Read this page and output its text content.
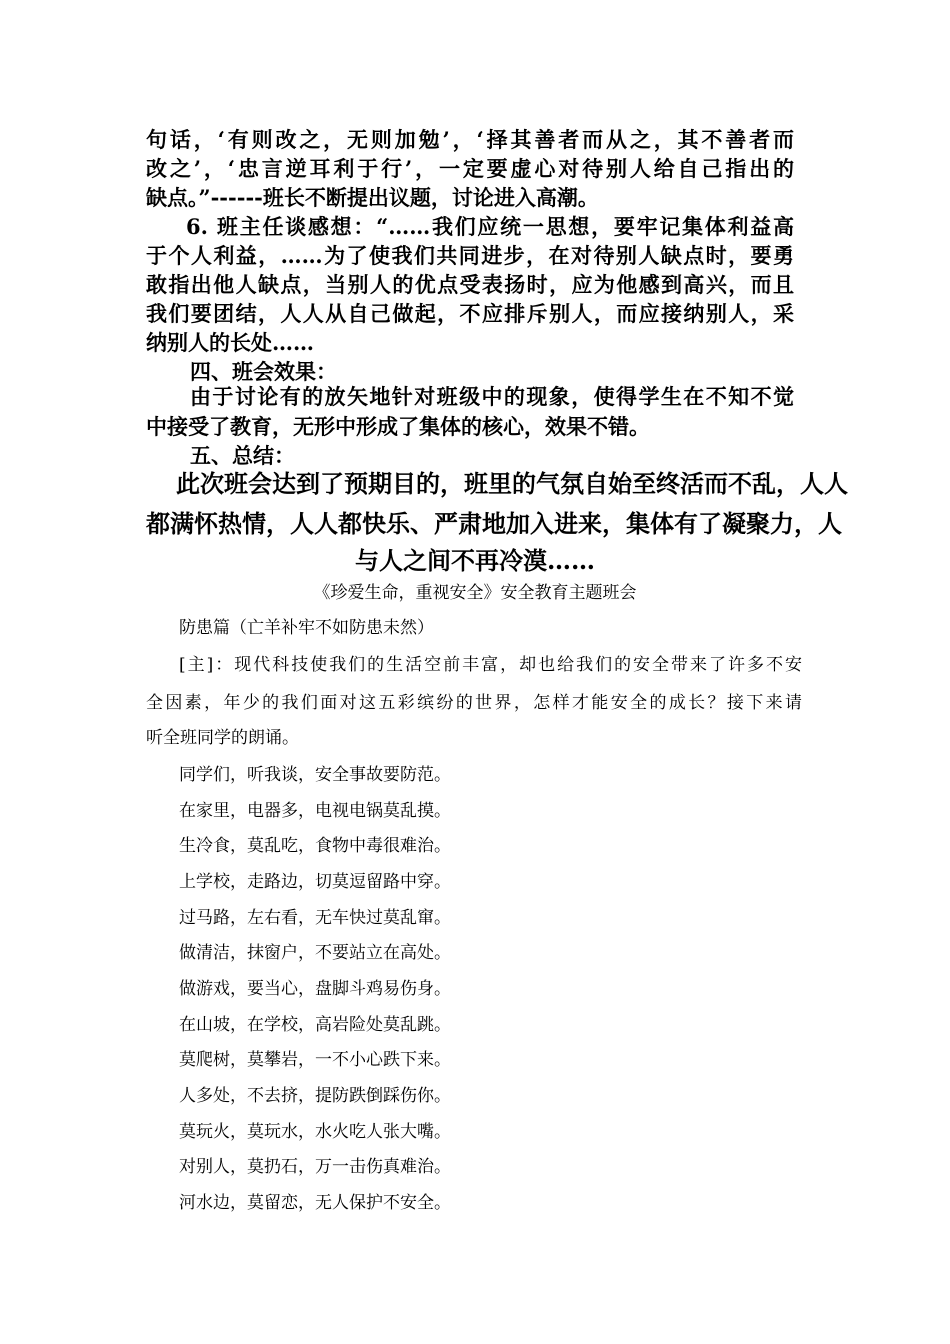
句话，‘有则改之，无则加勉’，‘择其善者而从之，其不善者而
改之’，‘忠言逆耳利于行’，一定要虚心对待别人给自己指出的
缺点。”------班长不断提出议题，讨论进入高潮。
6. 班主任谈感想：“……我们应统一思想，要牢记集体利益高
于个人利益，……为了使我们共同进步，在对待别人缺点时，要勇
敢指出他人缺点，当别人的优点受表扬时，应为他感到高兴，而且
我们要团结，人人从自己做起，不应排斥别人，而应接纳别人，采
纳别人的长处……
四、班会效果：
由于讨论有的放矢地针对班级中的现象，使得学生在不知不觉
中接受了教育，无形中形成了集体的核心，效果不错。
五、总结：
此次班会达到了预期目的，班里的气氛自始至终活而不乱，人人
都满怀热情，人人都快乐、严肃地加入进来，集体有了凝聚力，人
与人之间不再冷漠……
《珍爱生命，重视安全》安全教育主题班会
防患篇（亡羊补牢不如防患未然）
[主]：现代科技使我们的生活空前丰富，却也给我们的安全带来了许多不安
全因素，年少的我们面对这五彩缤纷的世界，怎样才能安全的成长？接下来请
听全班同学的朗诵。
同学们，听我谈，安全事故要防范。
在家里，电器多，电视电锅莫乱摸。
生冷食，莫乱吃，食物中毒很难治。
上学校，走路边，切莫逗留路中穿。
过马路，左右看，无车快过莫乱窜。
做清洁，抹窗户，不要站立在高处。
做游戏，要当心，盘脚斗鸡易伤身。
在山坡，在学校，高岩险处莫乱跳。
莫爬树，莫攀岩，一不小心跌下来。
人多处，不去挤，提防跌倒踩伤你。
莫玩火，莫玩水，水火吃人张大嘴。
对别人，莫扔石，万一击伤真难治。
河水边，莫留恋，无人保护不安全。
